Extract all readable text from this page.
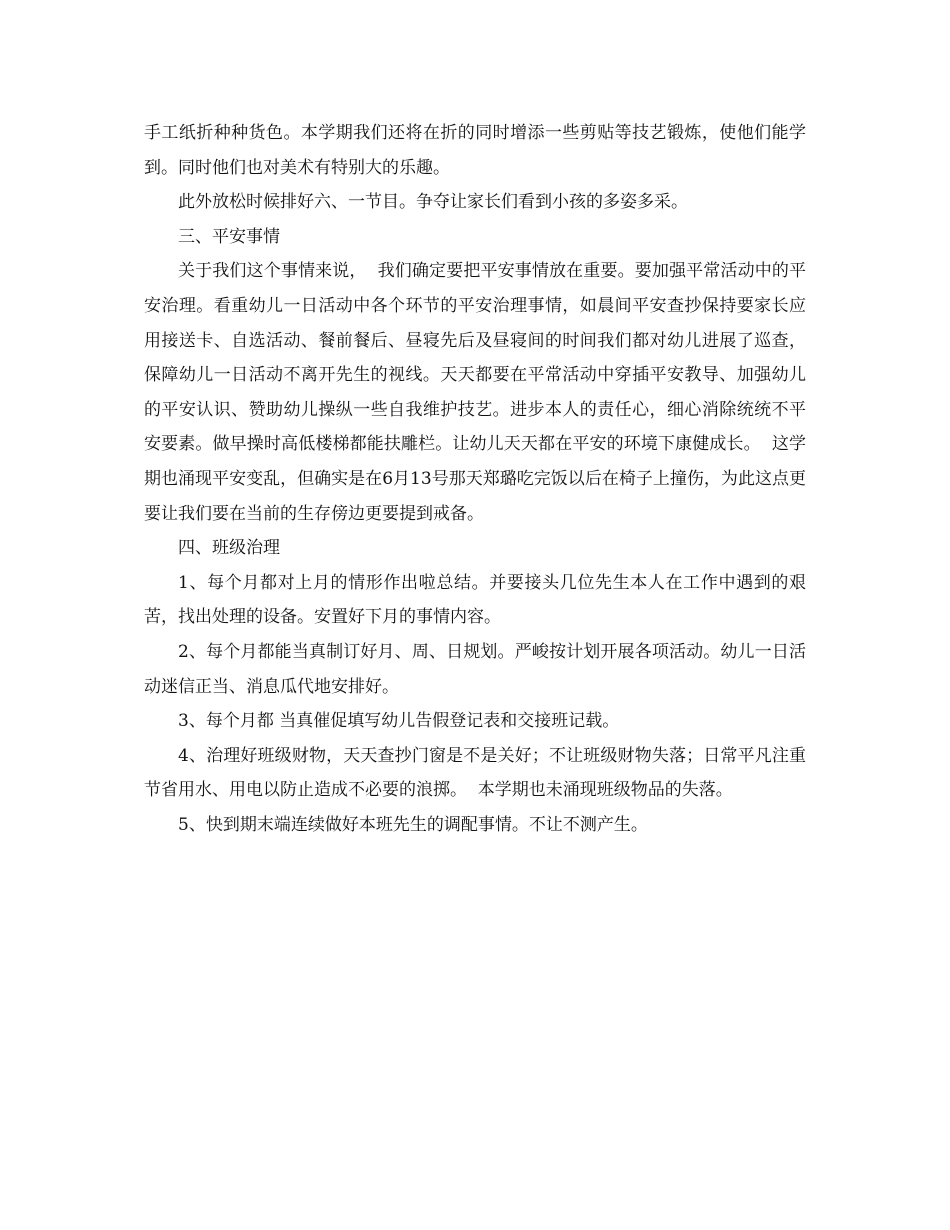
手工纸折种种货色。本学期我们还将在折的同时增添一些剪贴等技艺锻炼，使他们能学到。同时他们也对美术有特别大的乐趣。

此外放松时候排好六、一节目。争夺让家长们看到小孩的多姿多采。

三、平安事情

关于我们这个事情来说，  我们确定要把平安事情放在重要。要加强平常活动中的平安治理。看重幼儿一日活动中各个环节的平安治理事情，如晨间平安查抄保持要家长应用接送卡、自选活动、餐前餐后、昼寝先后及昼寝间的时间我们都对幼儿进展了巡查，保障幼儿一日活动不离开先生的视线。天天都要在平常活动中穿插平安教导、加强幼儿的平安认识、赞助幼儿操纵一些自我维护技艺。进步本人的责任心，细心消除统统不平安要素。做早操时高低楼梯都能扶雕栏。让幼儿天天都在平安的环境下康健成长。  这学期也涌现平安变乱，但确实是在6月13号那天郑璐吃完饭以后在椅子上撞伤，为此这点更要让我们要在当前的生存傍边更要提到戒备。

四、班级治理

1、每个月都对上月的情形作出啦总结。并要接头几位先生本人在工作中遇到的艰苦，找出处理的设备。安置好下月的事情内容。

2、每个月都能当真制订好月、周、日规划。严峻按计划开展各项活动。幼儿一日活动迷信正当、消息瓜代地安排好。

3、每个月都 当真催促填写幼儿告假登记表和交接班记载。

4、治理好班级财物，天天查抄门窗是不是关好；不让班级财物失落；日常平凡注重节省用水、用电以防止造成不必要的浪掷。  本学期也未涌现班级物品的失落。

5、快到期末端连续做好本班先生的调配事情。不让不测产生。
